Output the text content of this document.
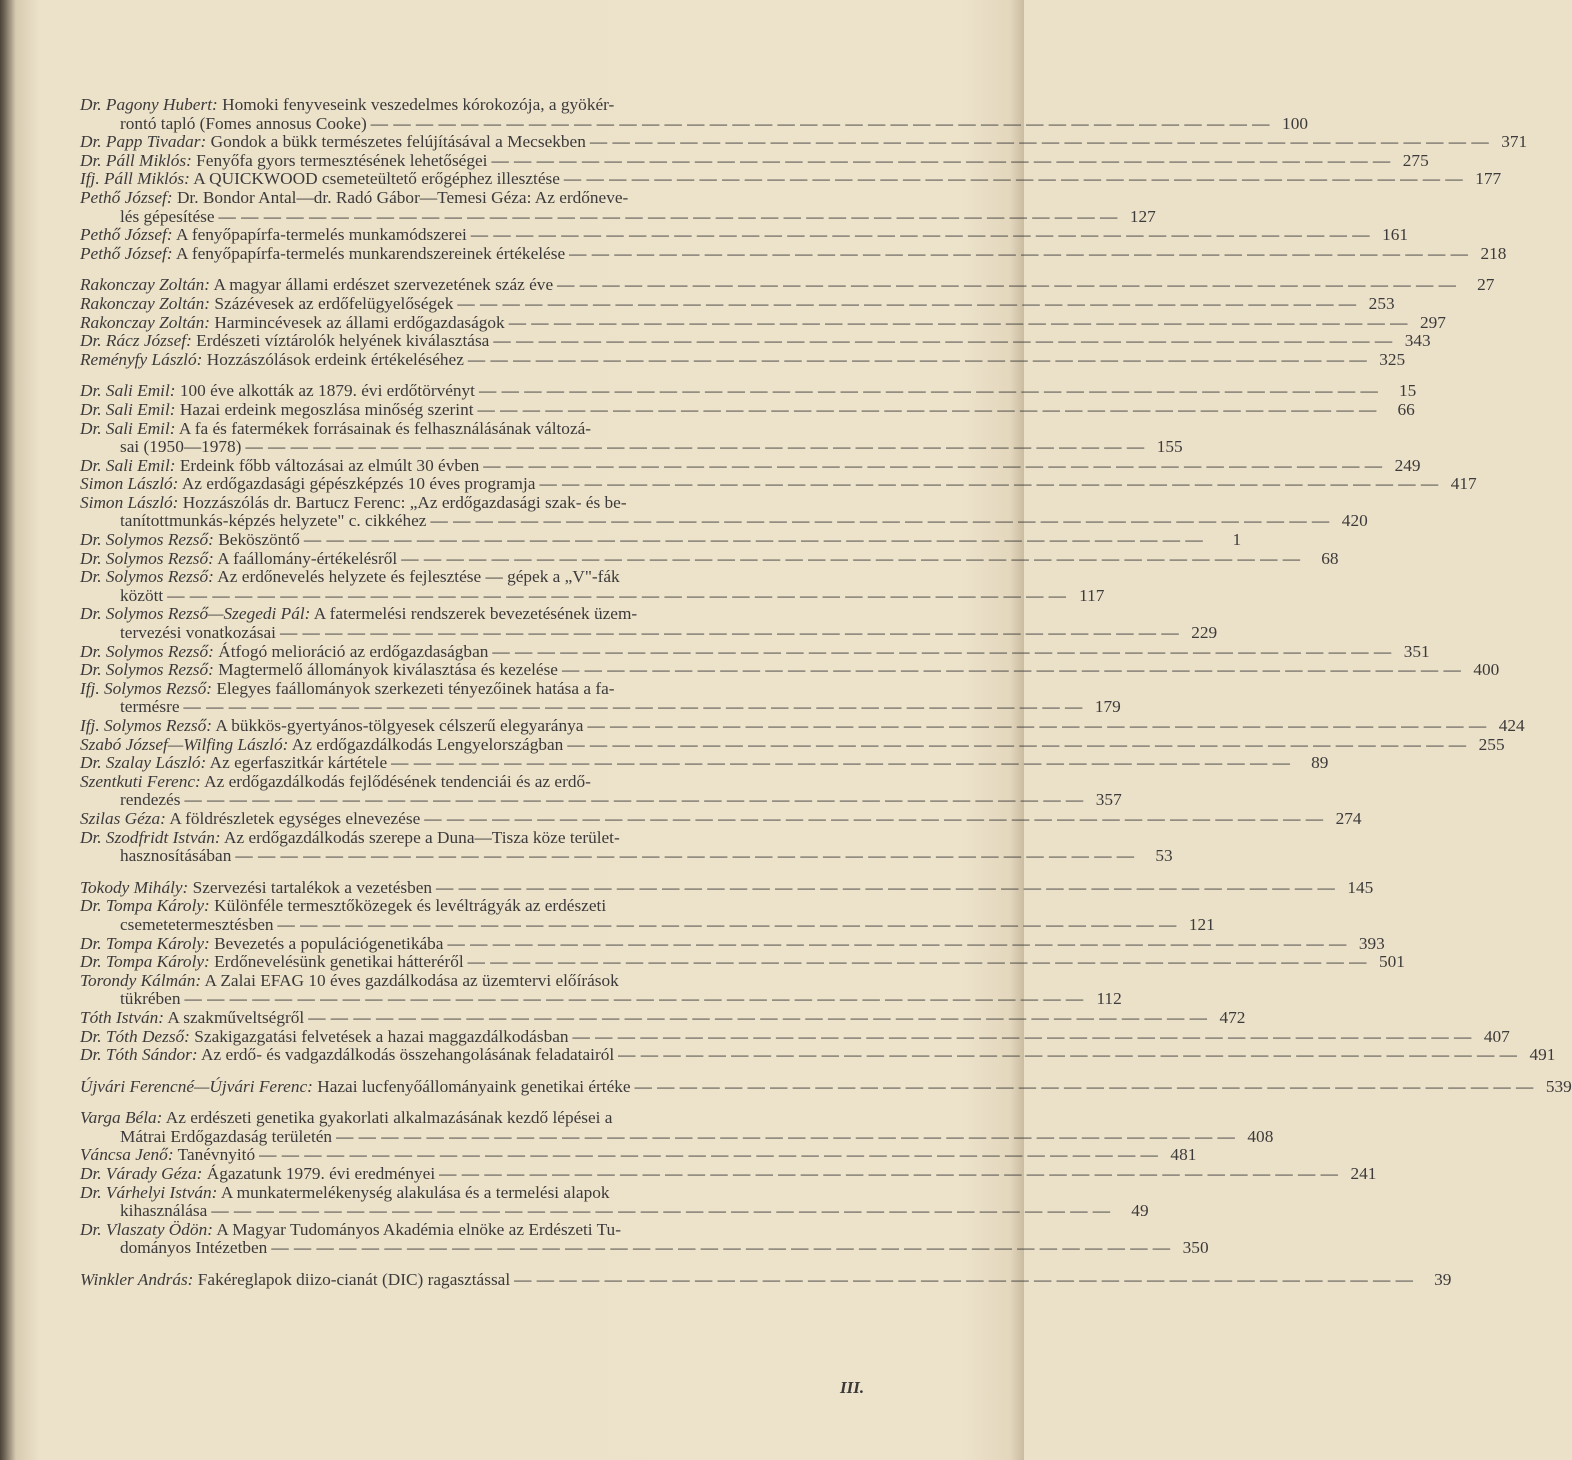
Dr. Pagony Hubert: Homoki fenyveseink veszedelmes kórokozója, a gyökér-
rontó tapló (Fomes annosus Cooke) — — — — — — — — — — — — — — — — — — — — — — — — — — — — — — — — — — — — — — — — 100
Dr. Papp Tivadar: Gondok a bükk természetes felújításával a Mecsekben — — — — — — — — — — — — — — — — — — — — — — — — — — — — — — — — — — — — — — — — 371
Dr. Páll Miklós: Fenyőfa gyors termesztésének lehetőségei — — — — — — — — — — — — — — — — — — — — — — — — — — — — — — — — — — — — — — — — 275
Ifj. Páll Miklós: A QUICKWOOD csemeteültető erőgéphez illesztése — — — — — — — — — — — — — — — — — — — — — — — — — — — — — — — — — — — — — — — — 177
Pethő József: Dr. Bondor Antal—dr. Radó Gábor—Temesi Géza: Az erdőneve-
lés gépesítése — — — — — — — — — — — — — — — — — — — — — — — — — — — — — — — — — — — — — — — — 127
Pethő József: A fenyőpapírfa-termelés munkamódszerei — — — — — — — — — — — — — — — — — — — — — — — — — — — — — — — — — — — — — — — — 161
Pethő József: A fenyőpapírfa-termelés munkarendszereinek értékelése — — — — — — — — — — — — — — — — — — — — — — — — — — — — — — — — — — — — — — — — 218
Rakonczay Zoltán: A magyar állami erdészet szervezetének száz éve — — — — — — — — — — — — — — — — — — — — — — — — — — — — — — — — — — — — — — — —	27
Rakonczay Zoltán: Százévesek az erdőfelügyelőségek — — — — — — — — — — — — — — — — — — — — — — — — — — — — — — — — — — — — — — — — 253
Rakonczay Zoltán: Harmincévesek az állami erdőgazdaságok — — — — — — — — — — — — — — — — — — — — — — — — — — — — — — — — — — — — — — — — 297
Dr. Rácz József: Erdészeti víztárolók helyének kiválasztása — — — — — — — — — — — — — — — — — — — — — — — — — — — — — — — — — — — — — — — — 343
Reményfy László: Hozzászólások erdeink értékeléséhez — — — — — — — — — — — — — — — — — — — — — — — — — — — — — — — — — — — — — — — — 325
Dr. Sali Emil: 100 éve alkották az 1879. évi erdőtörvényt — — — — — — — — — — — — — — — — — — — — — — — — — — — — — — — — — — — — — — — —	15
Dr. Sali Emil: Hazai erdeink megoszlása minőség szerint — — — — — — — — — — — — — — — — — — — — — — — — — — — — — — — — — — — — — — — —	66
Dr. Sali Emil: A fa és fatermékek forrásainak és felhasználásának változá-
sai (1950—1978) — — — — — — — — — — — — — — — — — — — — — — — — — — — — — — — — — — — — — — — — 155
Dr. Sali Emil: Erdeink főbb változásai az elmúlt 30 évben — — — — — — — — — — — — — — — — — — — — — — — — — — — — — — — — — — — — — — — — 249
Simon László: Az erdőgazdasági gépészképzés 10 éves programja — — — — — — — — — — — — — — — — — — — — — — — — — — — — — — — — — — — — — — — — 417
Simon László: Hozzászólás dr. Bartucz Ferenc: „Az erdőgazdasági szak- és be-
tanítottmunkás-képzés helyzete" c. cikkéhez — — — — — — — — — — — — — — — — — — — — — — — — — — — — — — — — — — — — — — — — 420
Dr. Solymos Rezső: Beköszöntő — — — — — — — — — — — — — — — — — — — — — — — — — — — — — — — — — — — — — — — —	1
Dr. Solymos Rezső: A faállomány-értékelésről — — — — — — — — — — — — — — — — — — — — — — — — — — — — — — — — — — — — — — — —	68
Dr. Solymos Rezső: Az erdőnevelés helyzete és fejlesztése — gépek a „V"-fák
között — — — — — — — — — — — — — — — — — — — — — — — — — — — — — — — — — — — — — — — — 117
Dr. Solymos Rezső—Szegedi Pál: A fatermelési rendszerek bevezetésének üzem-
tervezési vonatkozásai — — — — — — — — — — — — — — — — — — — — — — — — — — — — — — — — — — — — — — — — 229
Dr. Solymos Rezső: Átfogó melioráció az erdőgazdaságban — — — — — — — — — — — — — — — — — — — — — — — — — — — — — — — — — — — — — — — — 351
Dr. Solymos Rezső: Magtermelő állományok kiválasztása és kezelése — — — — — — — — — — — — — — — — — — — — — — — — — — — — — — — — — — — — — — — — 400
Ifj. Solymos Rezső: Elegyes faállományok szerkezeti tényezőinek hatása a fa-
termésre — — — — — — — — — — — — — — — — — — — — — — — — — — — — — — — — — — — — — — — — 179
Ifj. Solymos Rezső: A bükkös-gyertyános-tölgyesek célszerű elegyaránya — — — — — — — — — — — — — — — — — — — — — — — — — — — — — — — — — — — — — — — — 424
Szabó József—Wilfing László: Az erdőgazdálkodás Lengyelországban — — — — — — — — — — — — — — — — — — — — — — — — — — — — — — — — — — — — — — — — 255
Dr. Szalay László: Az egerfaszitkár kártétele — — — — — — — — — — — — — — — — — — — — — — — — — — — — — — — — — — — — — — — —	89
Szentkuti Ferenc: Az erdőgazdálkodás fejlődésének tendenciái és az erdő-
rendezés — — — — — — — — — — — — — — — — — — — — — — — — — — — — — — — — — — — — — — — — 357
Szilas Géza: A földrészletek egységes elnevezése — — — — — — — — — — — — — — — — — — — — — — — — — — — — — — — — — — — — — — — — 274
Dr. Szodfridt István: Az erdőgazdálkodás szerepe a Duna—Tisza köze terület-
hasznosításában — — — — — — — — — — — — — — — — — — — — — — — — — — — — — — — — — — — — — — — —	53
Tokody Mihály: Szervezési tartalékok a vezetésben — — — — — — — — — — — — — — — — — — — — — — — — — — — — — — — — — — — — — — — — 145
Dr. Tompa Károly: Különféle termesztőközegek és levéltrágyák az erdészeti
csemetetermesztésben — — — — — — — — — — — — — — — — — — — — — — — — — — — — — — — — — — — — — — — — 121
Dr. Tompa Károly: Bevezetés a populációgenetikába — — — — — — — — — — — — — — — — — — — — — — — — — — — — — — — — — — — — — — — — 393
Dr. Tompa Károly: Erdőnevelésünk genetikai hátteréről — — — — — — — — — — — — — — — — — — — — — — — — — — — — — — — — — — — — — — — — 501
Torondy Kálmán: A Zalai EFAG 10 éves gazdálkodása az üzemtervi előírások
tükrében — — — — — — — — — — — — — — — — — — — — — — — — — — — — — — — — — — — — — — — — 112
Tóth István: A szakműveltségről — — — — — — — — — — — — — — — — — — — — — — — — — — — — — — — — — — — — — — — — 472
Dr. Tóth Dezső: Szakigazgatási felvetések a hazai maggazdálkodásban — — — — — — — — — — — — — — — — — — — — — — — — — — — — — — — — — — — — — — — — 407
Dr. Tóth Sándor: Az erdő- és vadgazdálkodás összehangolásának feladatairól — — — — — — — — — — — — — — — — — — — — — — — — — — — — — — — — — — — — — — — — 491
Újvári Ferencné—Újvári Ferenc: Hazai lucfenyőállományaink genetikai értéke — — — — — — — — — — — — — — — — — — — — — — — — — — — — — — — — — — — — — — — — 539
Varga Béla: Az erdészeti genetika gyakorlati alkalmazásának kezdő lépései a
Mátrai Erdőgazdaság területén — — — — — — — — — — — — — — — — — — — — — — — — — — — — — — — — — — — — — — — — 408
Váncsa Jenő: Tanévnyitó — — — — — — — — — — — — — — — — — — — — — — — — — — — — — — — — — — — — — — — — 481
Dr. Várady Géza: Ágazatunk 1979. évi eredményei — — — — — — — — — — — — — — — — — — — — — — — — — — — — — — — — — — — — — — — — 241
Dr. Várhelyi István: A munkatermelékenység alakulása és a termelési alapok
kihasználása — — — — — — — — — — — — — — — — — — — — — — — — — — — — — — — — — — — — — — — —	49
Dr. Vlaszaty Ödön: A Magyar Tudományos Akadémia elnöke az Erdészeti Tu-
dományos Intézetben — — — — — — — — — — — — — — — — — — — — — — — — — — — — — — — — — — — — — — — — 350
Winkler András: Fakéreglapok diizo-cianát (DIC) ragasztással — — — — — — — — — — — — — — — — — — — — — — — — — — — — — — — — — — — — — — — —	39
III.
